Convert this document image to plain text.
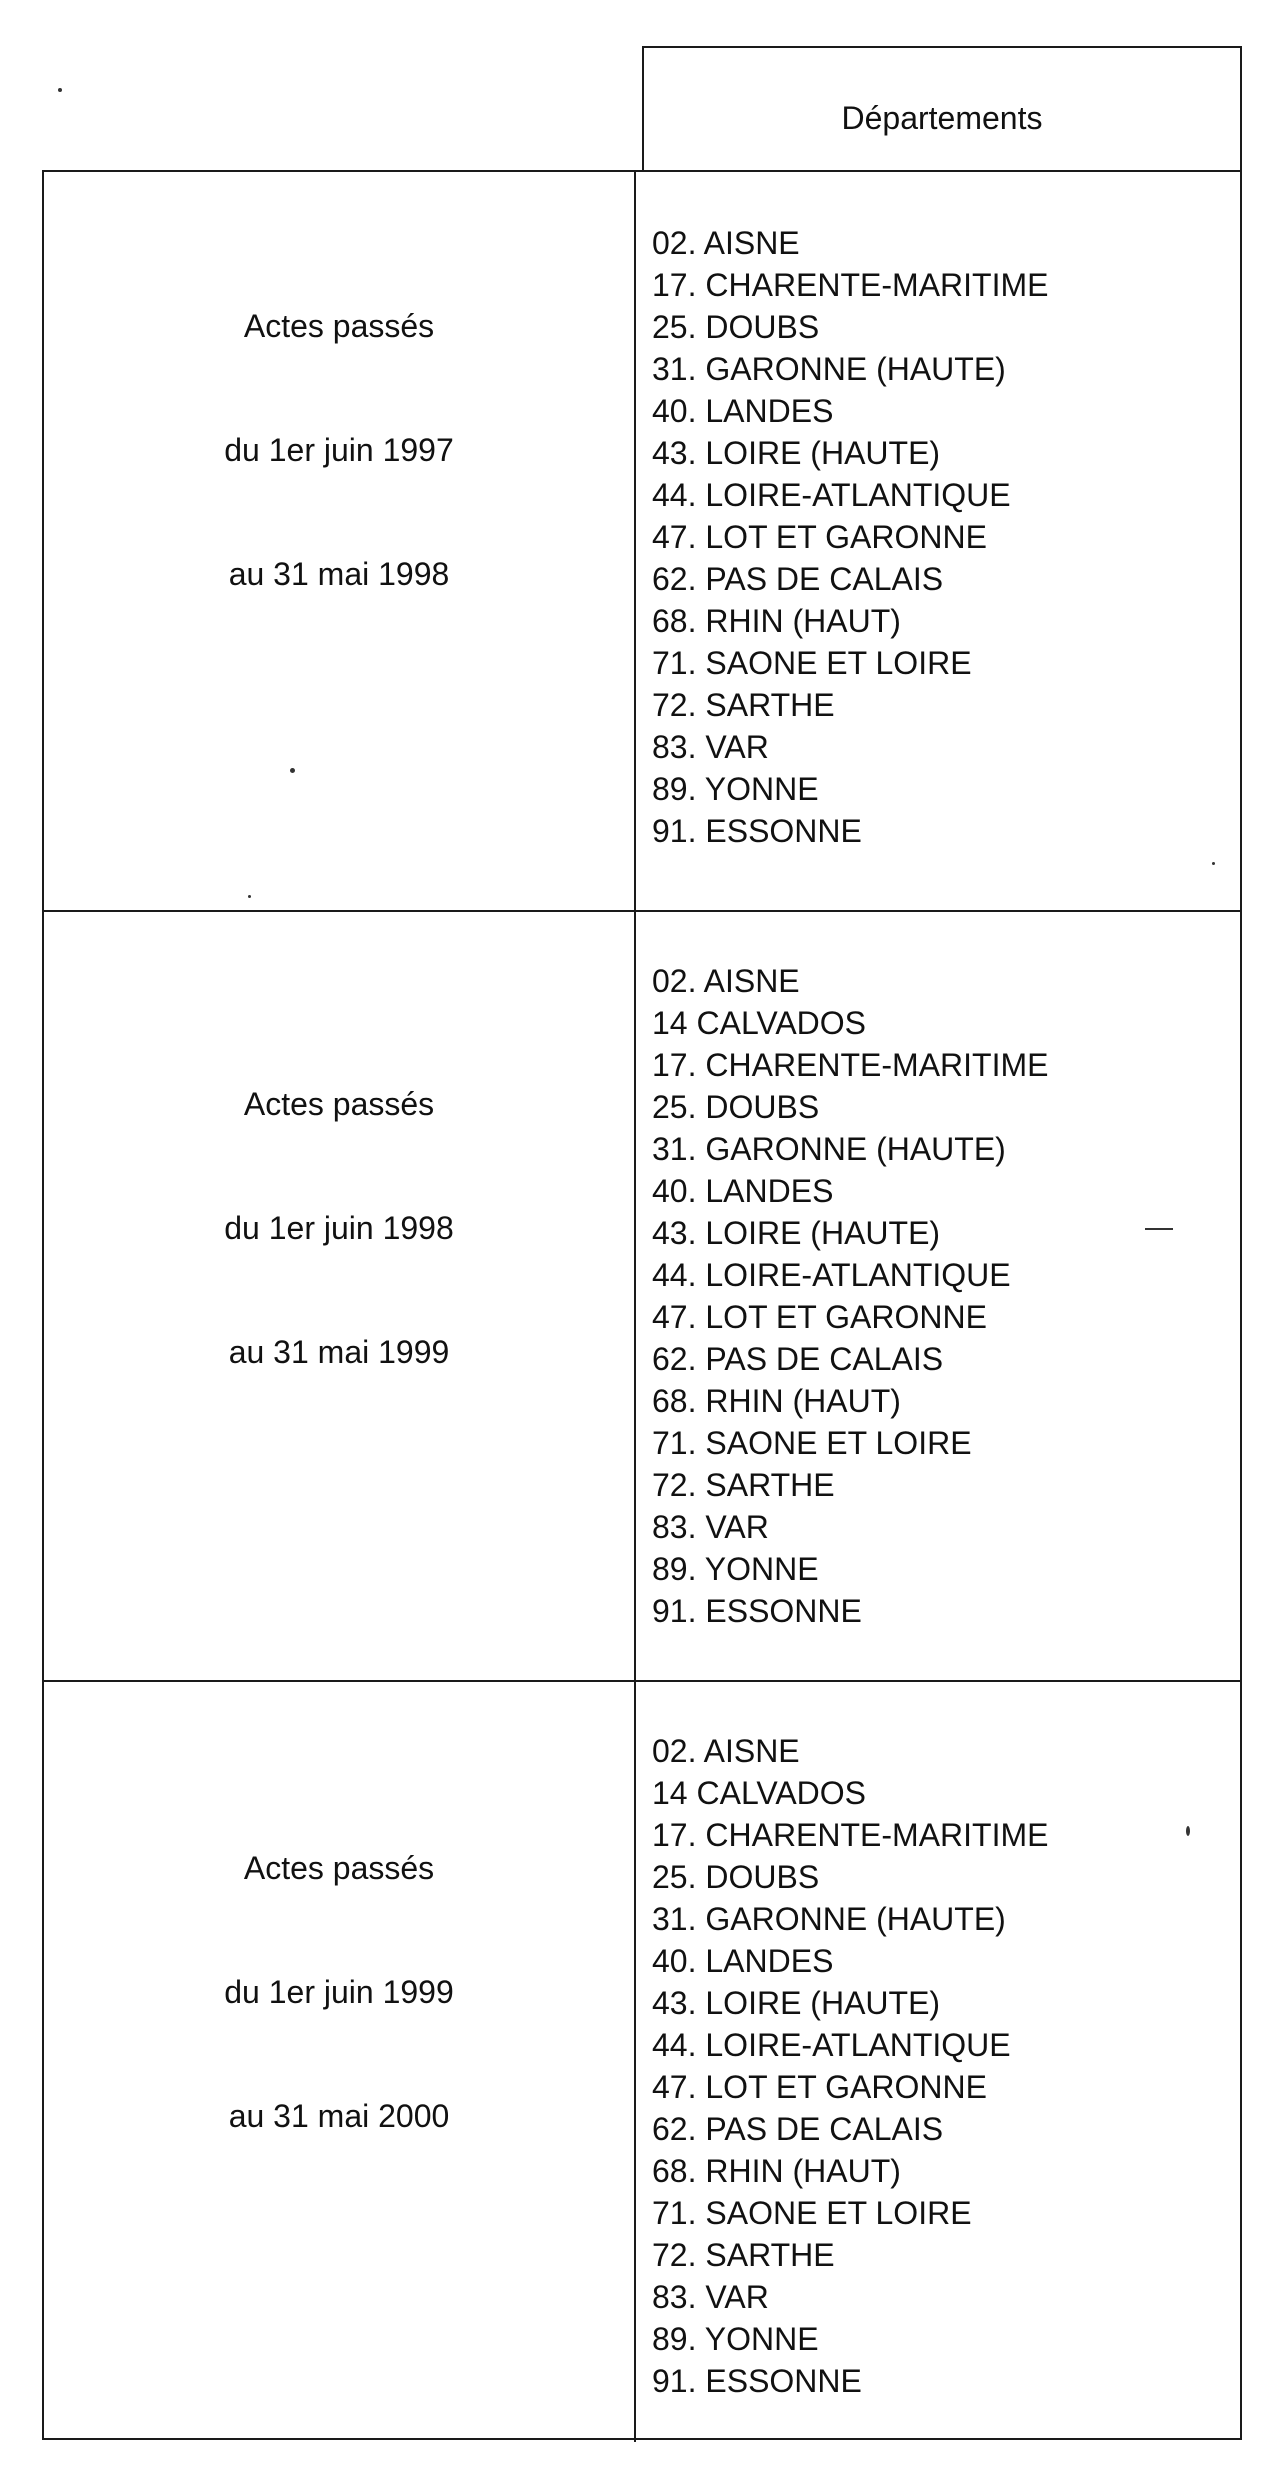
Départements
Actes passés
du 1er juin 1997
au 31 mai 1998
02. AISNE
17. CHARENTE-MARITIME
25. DOUBS
31. GARONNE (HAUTE)
40. LANDES
43. LOIRE (HAUTE)
44. LOIRE-ATLANTIQUE
47. LOT ET GARONNE
62. PAS DE CALAIS
68. RHIN (HAUT)
71. SAONE ET LOIRE
72. SARTHE
83. VAR
89. YONNE
91. ESSONNE
Actes passés
du 1er juin 1998
au 31 mai 1999
02. AISNE
14 CALVADOS
17. CHARENTE-MARITIME
25. DOUBS
31. GARONNE (HAUTE)
40. LANDES
43. LOIRE (HAUTE)
44. LOIRE-ATLANTIQUE
47. LOT ET GARONNE
62. PAS DE CALAIS
68. RHIN (HAUT)
71. SAONE ET LOIRE
72. SARTHE
83. VAR
89. YONNE
91. ESSONNE
Actes passés
du 1er juin 1999
au 31 mai 2000
02. AISNE
14 CALVADOS
17. CHARENTE-MARITIME
25. DOUBS
31. GARONNE (HAUTE)
40. LANDES
43. LOIRE (HAUTE)
44. LOIRE-ATLANTIQUE
47. LOT ET GARONNE
62. PAS DE CALAIS
68. RHIN (HAUT)
71. SAONE ET LOIRE
72. SARTHE
83. VAR
89. YONNE
91. ESSONNE
